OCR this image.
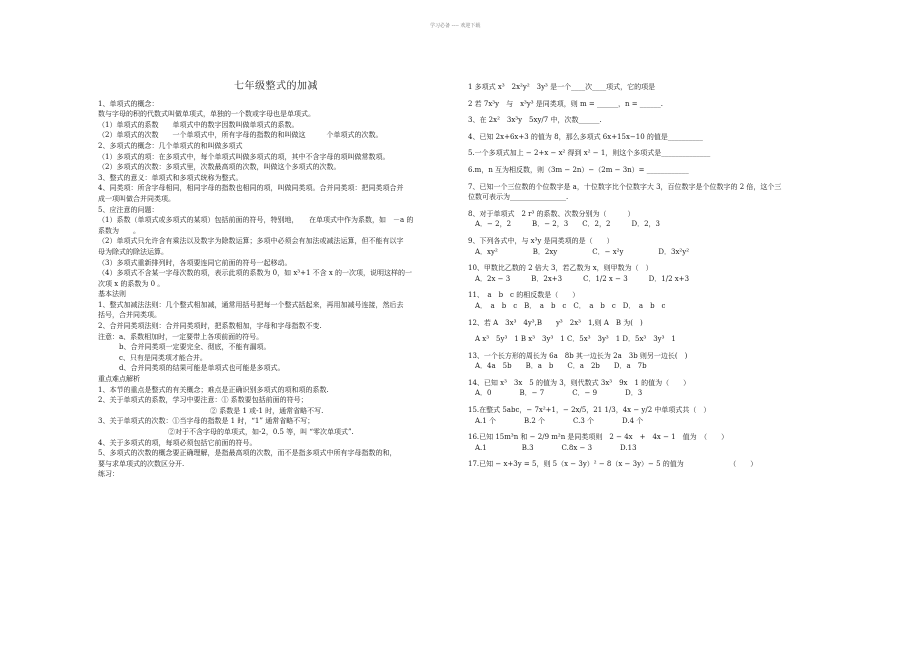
学习必备 ---- 欢迎下载
七年级整式的加减
1、单项式的概念：
数与字母的积的代数式叫做单项式，单独的一个数或字母也是单项式。
（1）单项式的系数　　单项式中的数字因数叫做单项式的系数。
（2）单项式的次数　　一个单项式中，所有字母的指数的和叫做这　　　个单项式的次数。
2、多项式的概念：几个单项式的和叫做多项式
（1）多项式的项：在多项式中，每个单项式叫做多项式的项，其中不含字母的项叫做常数项。
（2）多项式的次数：多项式里，次数最高项的次数，叫做这个多项式的次数。
3、整式的意义：单项式和多项式统称为整式。
4、同类项：所含字母相同，相同字母的指数也相同的项，叫做同类项。合并同类项：把同类项合并
成一项叫做合并同类项。
5、应注意的问题：
（1）系数（单项式或多项式的某项）包括前面的符号，特别地，　　在单项式中作为系数，如　－a 的
系数为　　。
（2）单项式只允许含有乘法以及数字为除数运算；多项中必须会有加法或减法运算，但不能有以字
母为除式的除法运算。
（3）多项式重新排列时，各项要连同它前面的符号一起移动。
（4）多项式不含某一字母次数的项，表示此项的系数为 0，如 x³+1 不含 x 的一次项，说明这样的一
次项 x 的系数为 0 。
基本法则
1、整式加减法法则：几个整式相加减，通常用括号把每一个整式括起来，再用加减号连接，然后去
括号，合并同类项。
2、合并同类项法则：合并同类项时，把系数相加，字母和字母指数不变.
注意：a、系数相加时，一定要带上各项前面的符号。
　　　b、合并同类项一定要完全、彻底，不能有漏项。
　　　c、只有是同类项才能合并。
　　　d、合并同类项的结果可能是单项式也可能是多项式。
重点难点解析
1、本节的重点是整式的有关概念；难点是正确识别多项式的项和项的系数.
2、关于单项式的系数，学习中要注意：① 系数要包括前面的符号；
　　　　　　　　　　　　　　　　② 系数是 1 或-1 时，通常省略不写.
3、关于单项式的次数：①当字母的指数是 1 时，“1” 通常省略不写；
　　　　　　　　　　②对于不含字母的单项式，如-2，0.5 等，叫 “零次单项式”.
4、关于多项式的项，每项必须包括它前面的符号。
5、多项式的次数的概念要正确理解，是指最高项的次数，而不是指多项式中所有字母指数的和，
要与求单项式的次数区分开.
练习：
1 多项式 x³　2x²y²　3y³ 是一个____次____项式，它的项是
2 若 7x³y　与　x³y³ 是同类项，则 m = ______，n = ______.
3、在 2x²　3x³y　5xy/7 中，次数______.
4、已知 2x+6x+3 的值为 8，那么多项式 6x+15x−10 的值是__________
5.一个多项式加上 − 2+x − x² 得到 x² − 1，则这个多项式是______________
6.m，n 互为相反数，则（3m − 2n）−（2m − 3n）= ____________
7、已知一个三位数的个位数字是 a，十位数字比个位数字大 3，百位数字是个位数字的 2 倍，这个三
位数可表示为________________.
8、对于单项式　2 r³ 的系数、次数分别为（　　　）
　A．− 2，2　　　B．− 2，3　　C．2，2　　　D．2，3
9、下列各式中，与 x³y 是同类项的是（　　）
　A．xy²　　　　　B．2xy　　　　　C．− x²y　　　　　D．3x²y²
10、甲数比乙数的 2 倍大 3，若乙数为 x，则甲数为（　）
　A．2x − 3　　　B．2x+3　　　C．1/2 x − 3　　　D．1/2 x+3
11、　a　b　c 的相反数是（　　）
　A．　a　b　c　B．　a　b　c　C．　a　b　c　D．　a　b　c
12、若 A　3x³　4y³,B　　y³　2x³　1,则 A　B 为(　)
　A x³　5y³　1 B x³　3y³　1 C．5x³　3y³　1 D．5x³　3y³　1
13、一个长方形的周长为 6a　8b 其一边长为 2a　3b 则另一边长(　)
　A．4a　5b　　B．a　b　　C．a　2b　　D．a　7b
14、已知 x³　3x　5 的值为 3，则代数式 3x³　9x　1 的值为（　　）
　A．0　　　　B．− 7　　　　C．− 9　　　　D．3
15.在整式 5abc，− 7x²+1，− 2x/5，21 1/3，4x − y/2 中单项式共（　）
　A.1 个　　　　B.2 个　　　　C.3 个　　　　D.4 个
16.已知 15m³n 和 − 2/9 m²n 是同类项则　2 − 4x　+　4x − 1　值为　（　　）
　A.1　　　　　B.3　　　　C.8x − 3　　　　D.13
17.已知 − x+3y = 5，则 5（x − 3y）² − 8（x − 3y）− 5 的值为　　　　　　　（　　）
